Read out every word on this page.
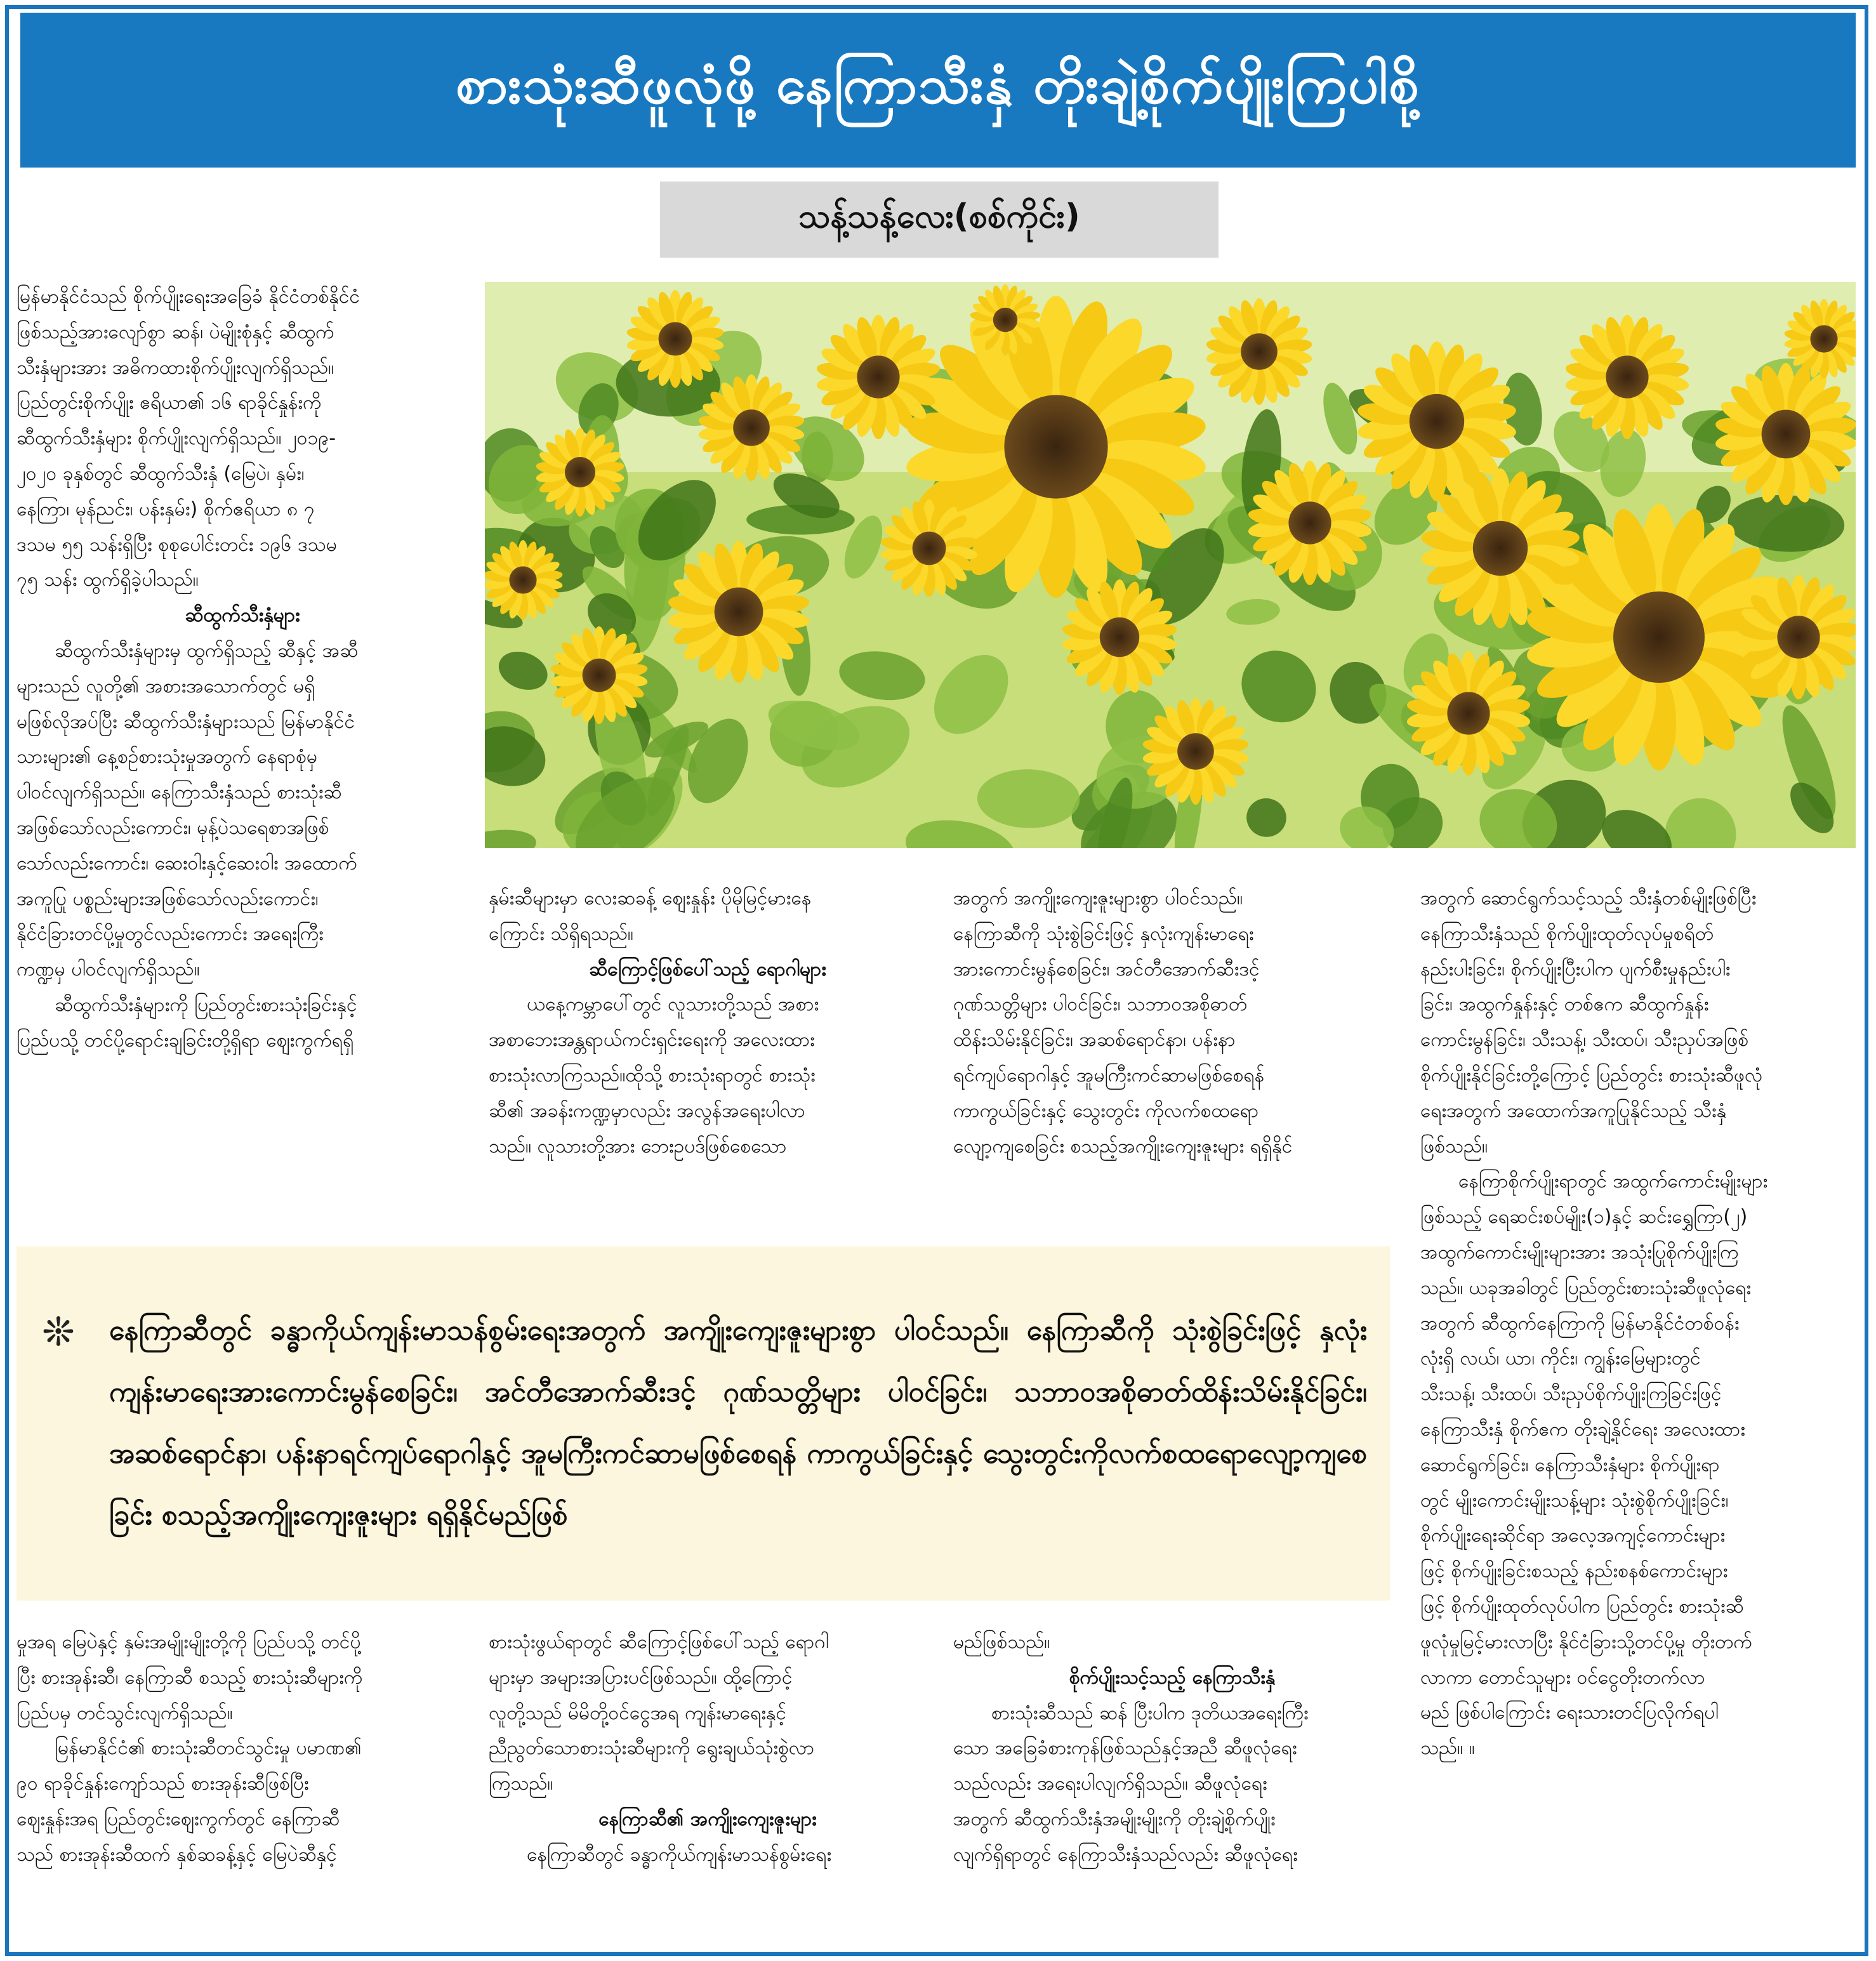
စားသုံးဆီဖူလုံဖို့ နေကြာသီးနှံ တိုးချဲ့စိုက်ပျိုးကြပါစို့
သန့်သန့်လေး(စစ်ကိုင်း)

မြန်မာနိုင်ငံသည် စိုက်ပျိုးရေးအခြေခံ နိုင်ငံတစ်နိုင်ငံ

ဖြစ်သည့်အားလျော်စွာ ဆန်၊ ပဲမျိုးစုံနှင့် ဆီထွက်

သီးနှံများအား အဓိကထားစိုက်ပျိုးလျက်ရှိသည်။

ပြည်တွင်းစိုက်ပျိုး ဧရိယာ၏ ၁၆ ရာခိုင်နှုန်းကို

ဆီထွက်သီးနှံများ စိုက်ပျိုးလျက်ရှိသည်။ ၂၀၁၉-

၂၀၂၀ ခုနှစ်တွင် ဆီထွက်သီးနှံ (မြေပဲ၊ နှမ်း၊

နေကြာ၊ မုန်ညင်း၊ ပန်းနှမ်း) စိုက်ဧရိယာ ၈ ၇

ဒသမ ၅၅ သန်းရှိပြီး စုစုပေါင်းတင်း ၁၉၆ ဒသမ

၇၅ သန်း ထွက်ရှိခဲ့ပါသည်။

ဆီထွက်သီးနှံများ

ဆီထွက်သီးနှံများမှ ထွက်ရှိသည့် ဆီနှင့် အဆီ

များသည် လူတို့၏ အစားအသောက်တွင် မရှိ

မဖြစ်လိုအပ်ပြီး ဆီထွက်သီးနှံများသည် မြန်မာနိုင်ငံ

သားများ၏ နေ့စဉ်စားသုံးမှုအတွက် နေရာစုံမှ

ပါဝင်လျက်ရှိသည်။ နေကြာသီးနှံသည် စားသုံးဆီ

အဖြစ်သော်လည်းကောင်း၊ မုန့်ပဲသရေစာအဖြစ်

သော်လည်းကောင်း၊ ဆေးဝါးနှင့်ဆေးဝါး အထောက်

အကူပြု ပစ္စည်းများအဖြစ်သော်လည်းကောင်း၊

နိုင်ငံခြားတင်ပို့မှုတွင်လည်းကောင်း အရေးကြီး

ကဏ္ဍမှ ပါဝင်လျက်ရှိသည်။

ဆီထွက်သီးနှံများကို ပြည်တွင်းစားသုံးခြင်းနှင့်

ပြည်ပသို့ တင်ပို့ရောင်းချခြင်းတို့ရှိရာ ဈေးကွက်ရရှိ

နှမ်းဆီများမှာ လေးဆခန့် ဈေးနှုန်း ပိုမိုမြင့်မားနေ

ကြောင်း သိရှိရသည်။

ဆီကြောင့်ဖြစ်ပေါ်သည့် ရောဂါများ

ယနေ့ကမ္ဘာပေါ်တွင် လူသားတို့သည် အစား

အစာဘေးအန္တရာယ်ကင်းရှင်းရေးကို အလေးထား

စားသုံးလာကြသည်။ထိုသို့ စားသုံးရာတွင် စားသုံး

ဆီ၏ အခန်းကဏ္ဍမှာလည်း အလွန်အရေးပါလာ

သည်။ လူသားတို့အား ဘေးဥပဒ်ဖြစ်စေသော

အတွက် အကျိုးကျေးဇူးများစွာ ပါဝင်သည်။

နေကြာဆီကို သုံးစွဲခြင်းဖြင့် နှလုံးကျန်းမာရေး

အားကောင်းမွန်စေခြင်း၊ အင်တီအောက်ဆီးဒင့်

ဂုဏ်သတ္တိများ ပါဝင်ခြင်း၊ သဘာဝအစိုဓာတ်

ထိန်းသိမ်းနိုင်ခြင်း၊ အဆစ်ရောင်နာ၊ ပန်းနာ

ရင်ကျပ်ရောဂါနှင့် အူမကြီးကင်ဆာမဖြစ်စေရန်

ကာကွယ်ခြင်းနှင့် သွေးတွင်း ကိုလက်စထရော

လျော့ကျစေခြင်း စသည့်အကျိုးကျေးဇူးများ ရရှိနိုင်

အတွက် ဆောင်ရွက်သင့်သည့် သီးနှံတစ်မျိုးဖြစ်ပြီး

နေကြာသီးနှံသည် စိုက်ပျိုးထုတ်လုပ်မှုစရိတ်

နည်းပါးခြင်း၊ စိုက်ပျိုးပြီးပါက ပျက်စီးမှုနည်းပါး

ခြင်း၊ အထွက်နှုန်းနှင့် တစ်ဧက ဆီထွက်နှုန်း

ကောင်းမွန်ခြင်း၊ သီးသန့်၊ သီးထပ်၊ သီးညှပ်အဖြစ်

စိုက်ပျိုးနိုင်ခြင်းတို့ကြောင့် ပြည်တွင်း စားသုံးဆီဖူလုံ

ရေးအတွက် အထောက်အကူပြုနိုင်သည့် သီးနှံ

ဖြစ်သည်။

နေကြာစိုက်ပျိုးရာတွင် အထွက်ကောင်းမျိုးများ

ဖြစ်သည့် ရေဆင်းစပ်မျိုး(၁)နှင့် ဆင်းရွှေကြာ(၂)

အထွက်ကောင်းမျိုးများအား အသုံးပြုစိုက်ပျိုးကြ

သည်။ ယခုအခါတွင် ပြည်တွင်းစားသုံးဆီဖူလုံရေး

အတွက် ဆီထွက်နေကြာကို မြန်မာနိုင်ငံတစ်ဝန်း

လုံးရှိ လယ်၊ ယာ၊ ကိုင်း၊ ကျွန်းမြေများတွင်

သီးသန့်၊ သီးထပ်၊ သီးညှပ်စိုက်ပျိုးကြခြင်းဖြင့်

နေကြာသီးနှံ စိုက်ဧက တိုးချဲ့နိုင်ရေး အလေးထား

ဆောင်ရွက်ခြင်း၊ နေကြာသီးနှံများ စိုက်ပျိုးရာ

တွင် မျိုးကောင်းမျိုးသန့်များ သုံးစွဲစိုက်ပျိုးခြင်း၊

စိုက်ပျိုးရေးဆိုင်ရာ အလေ့အကျင့်ကောင်းများ

ဖြင့် စိုက်ပျိုးခြင်းစသည့် နည်းစနစ်ကောင်းများ

ဖြင့် စိုက်ပျိုးထုတ်လုပ်ပါက ပြည်တွင်း စားသုံးဆီ

ဖူလုံမှုမြင့်မားလာပြီး နိုင်ငံခြားသို့တင်ပို့မှု တိုးတက်

လာကာ တောင်သူများ ဝင်ငွေတိုးတက်လာ

မည် ဖြစ်ပါကြောင်း ရေးသားတင်ပြလိုက်ရပါ

သည်။ ။

❊ နေကြာဆီတွင် ခန္ဓာကိုယ်ကျန်းမာသန်စွမ်းရေးအတွက် အကျိုးကျေးဇူးများစွာ ပါဝင်သည်။ နေကြာဆီကို သုံးစွဲခြင်းဖြင့် နှလုံးကျန်းမာရေးအားကောင်းမွန်စေခြင်း၊ အင်တီအောက်ဆီးဒင့် ဂုဏ်သတ္တိများ ပါဝင်ခြင်း၊ သဘာဝအစိုဓာတ်ထိန်းသိမ်းနိုင်ခြင်း၊ အဆစ်ရောင်နာ၊ ပန်းနာရင်ကျပ်ရောဂါနှင့် အူမကြီးကင်ဆာမဖြစ်စေရန် ကာကွယ်ခြင်းနှင့် သွေးတွင်းကိုလက်စထရောလျော့ကျစေခြင်း စသည့်အကျိုးကျေးဇူးများ ရရှိနိုင်မည်ဖြစ်

မှုအရ မြေပဲနှင့် နှမ်းအမျိုးမျိုးတို့ကို ပြည်ပသို့ တင်ပို့

ပြီး စားအုန်းဆီ၊ နေကြာဆီ စသည့် စားသုံးဆီများကို

ပြည်ပမှ တင်သွင်းလျက်ရှိသည်။

မြန်မာနိုင်ငံ၏ စားသုံးဆီတင်သွင်းမှု ပမာဏ၏

၉၀ ရာခိုင်နှုန်းကျော်သည် စားအုန်းဆီဖြစ်ပြီး

ဈေးနှုန်းအရ ပြည်တွင်းဈေးကွက်တွင် နေကြာဆီ

သည် စားအုန်းဆီထက် နှစ်ဆခန့်နှင့် မြေပဲဆီနှင့်

စားသုံးဖွယ်ရာတွင် ဆီကြောင့်ဖြစ်ပေါ်သည့် ရောဂါ

များမှာ အများအပြားပင်ဖြစ်သည်။ ထို့ကြောင့်

လူတို့သည် မိမိတို့ဝင်ငွေအရ ကျန်းမာရေးနှင့်

ညီညွတ်သောစားသုံးဆီများကို ရွေးချယ်သုံးစွဲလာ

ကြသည်။

နေကြာဆီ၏ အကျိုးကျေးဇူးများ

နေကြာဆီတွင် ခန္ဓာကိုယ်ကျန်းမာသန်စွမ်းရေး

မည်ဖြစ်သည်။

စိုက်ပျိုးသင့်သည့် နေကြာသီးနှံ

စားသုံးဆီသည် ဆန် ပြီးပါက ဒုတိယအရေးကြီး

သော အခြေခံစားကုန်ဖြစ်သည်နှင့်အညီ ဆီဖူလုံရေး

သည်လည်း အရေးပါလျက်ရှိသည်။ ဆီဖူလုံရေး

အတွက် ဆီထွက်သီးနှံအမျိုးမျိုးကို တိုးချဲ့စိုက်ပျိုး

လျက်ရှိရာတွင် နေကြာသီးနှံသည်လည်း ဆီဖူလုံရေး
